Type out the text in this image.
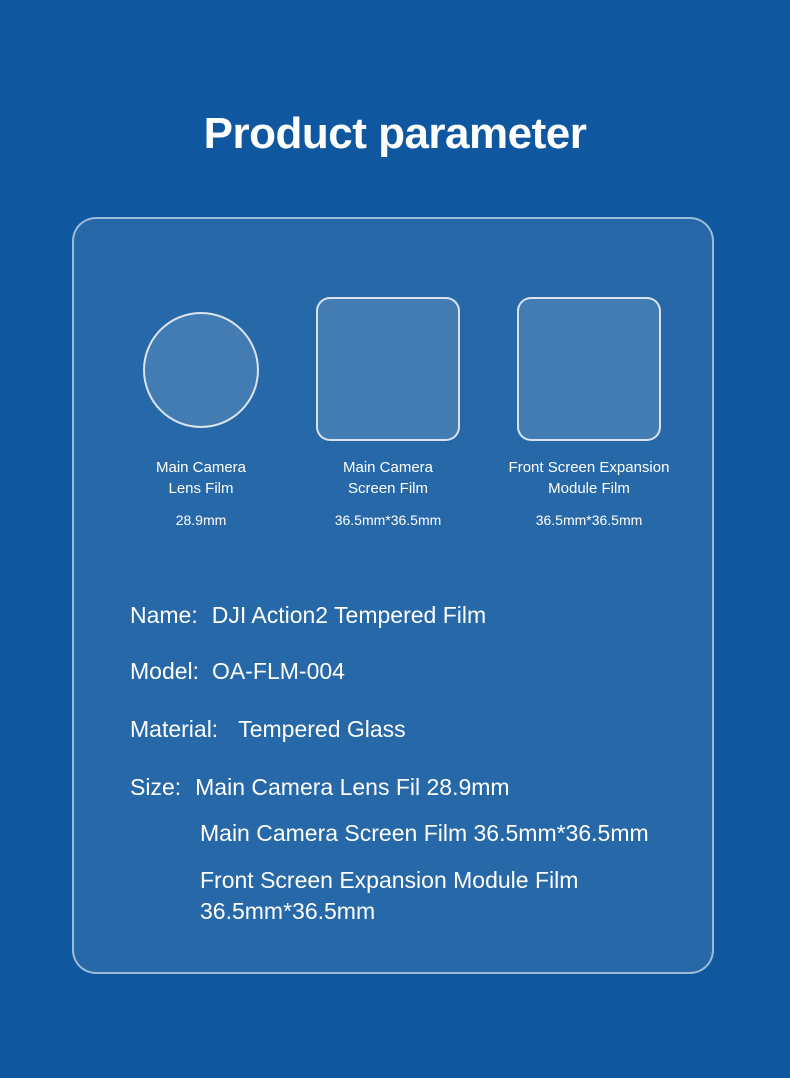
Product parameter
Main Camera
Lens Film
28.9mm
Main Camera
Screen Film
36.5mm*36.5mm
Front Screen Expansion
Module Film
36.5mm*36.5mm
Name: DJI Action2 Tempered Film
Model: OA-FLM-004
Material: Tempered Glass
Size: Main Camera Lens Fil 28.9mm
Main Camera Screen Film 36.5mm*36.5mm
Front Screen Expansion Module Film
36.5mm*36.5mm
